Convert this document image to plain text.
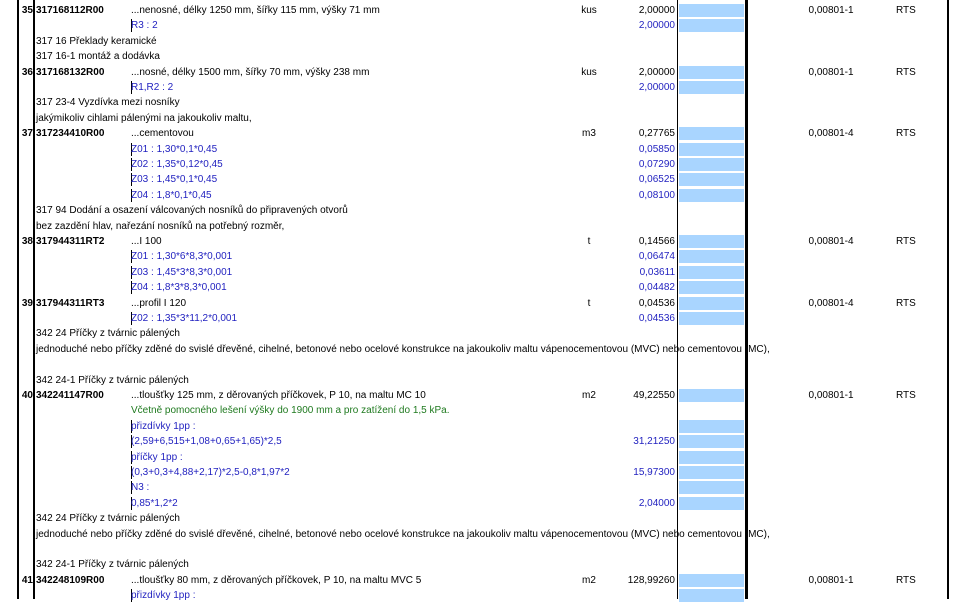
35 317168112R00	...nenosné, délky 1250 mm, šířky 115 mm, výšky 71 mm	kus	2,00000	0,00 801-1	RTS
R3 : 2	2,00000
317 16 Překlady keramické
317 16-1 montáž a dodávka
36 317168132R00	...nosné, délky 1500 mm, šířky 70 mm, výšky 238 mm	kus	2,00000	0,00 801-1	RTS
R1,R2 : 2	2,00000
317 23-4 Vyzdívka mezi nosníky
jakýmikoliv cihlami pálenými na jakoukoliv maltu,
37 317234410R00	...cementovou	m3	0,27765	0,00 801-4	RTS
Z01 : 1,30*0,1*0,45	0,05850
Z02 : 1,35*0,12*0,45	0,07290
Z03 : 1,45*0,1*0,45	0,06525
Z04 : 1,8*0,1*0,45	0,08100
317 94 Dodání a osazení válcovaných nosníků do připravených otvorů
bez zazdění hlav, nařezání nosníků na potřebný rozměr,
38 317944311RT2	...I 100	t	0,14566	0,00 801-4	RTS
Z01 : 1,30*6*8,3*0,001	0,06474
Z03 : 1,45*3*8,3*0,001	0,03611
Z04 : 1,8*3*8,3*0,001	0,04482
39 317944311RT3	...profil I 120	t	0,04536	0,00 801-4	RTS
Z02 : 1,35*3*11,2*0,001	0,04536
342 24 Příčky z tvárnic pálených
jednoduché nebo příčky zděné do svislé dřevěné, cihelné, betonové nebo ocelové konstrukce na jakoukoliv maltu vápenocementovou (MVC) nebo cementovou (MC),
342 24-1 Příčky z tvárnic pálených
40 342241147R00	...tloušťky 125 mm, z děrovaných příčkovek, P 10, na maltu MC 10	m2	49,22550	0,00 801-1	RTS
Včetně pomocného lešení výšky do 1900 mm a pro zatížení do 1,5 kPa.
přizdívky 1pp :
(2,59+6,515+1,08+0,65+1,65)*2,5	31,21250
příčky 1pp :
(0,3+0,3+4,88+2,17)*2,5-0,8*1,97*2	15,97300
N3 :
0,85*1,2*2	2,04000
342 24 Příčky z tvárnic pálených
jednoduché nebo příčky zděné do svislé dřevěné, cihelné, betonové nebo ocelové konstrukce na jakoukoliv maltu vápenocementovou (MVC) nebo cementovou (MC),
342 24-1 Příčky z tvárnic pálených
41 342248109R00	...tloušťky 80 mm, z děrovaných příčkovek, P 10, na maltu MVC 5	m2	128,99260	0,00 801-1	RTS
přizdívky 1pp :
